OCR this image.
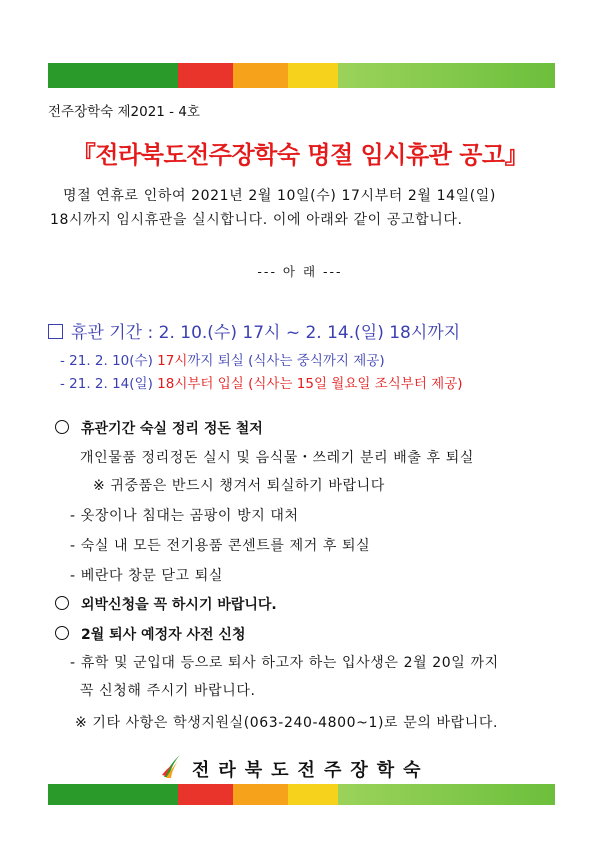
전주장학숙 제2021 - 4호
『전라북도전주장학숙 명절 임시휴관 공고』
명절 연휴로 인하여 2021년 2월 10일(수) 17시부터 2월 14일(일)
18시까지 임시휴관을 실시합니다. 이에 아래와 같이 공고합니다.
--- 아 래 ---
휴관 기간 : 2. 10.(수) 17시 ~ 2. 14.(일) 18시까지
- 21. 2. 10(수) 17시까지 퇴실 (식사는 중식까지 제공)
- 21. 2. 14(일) 18시부터 입실 (식사는 15일 월요일 조식부터 제공)
휴관기간 숙실 정리 정돈 철저
개인물품 정리정돈 실시 및 음식물・쓰레기 분리 배출 후 퇴실
※ 귀중품은 반드시 챙겨서 퇴실하기 바랍니다
- 옷장이나 침대는 곰팡이 방지 대처
- 숙실 내 모든 전기용품 콘센트를 제거 후 퇴실
- 베란다 창문 닫고 퇴실
외박신청을 꼭 하시기 바랍니다.
2월 퇴사 예정자 사전 신청
- 휴학 및 군입대 등으로 퇴사 하고자 하는 입사생은 2월 20일 까지
꼭 신청해 주시기 바랍니다.
※ 기타 사항은 학생지원실(063-240-4800~1)로 문의 바랍니다.
전라북도전주장학숙
